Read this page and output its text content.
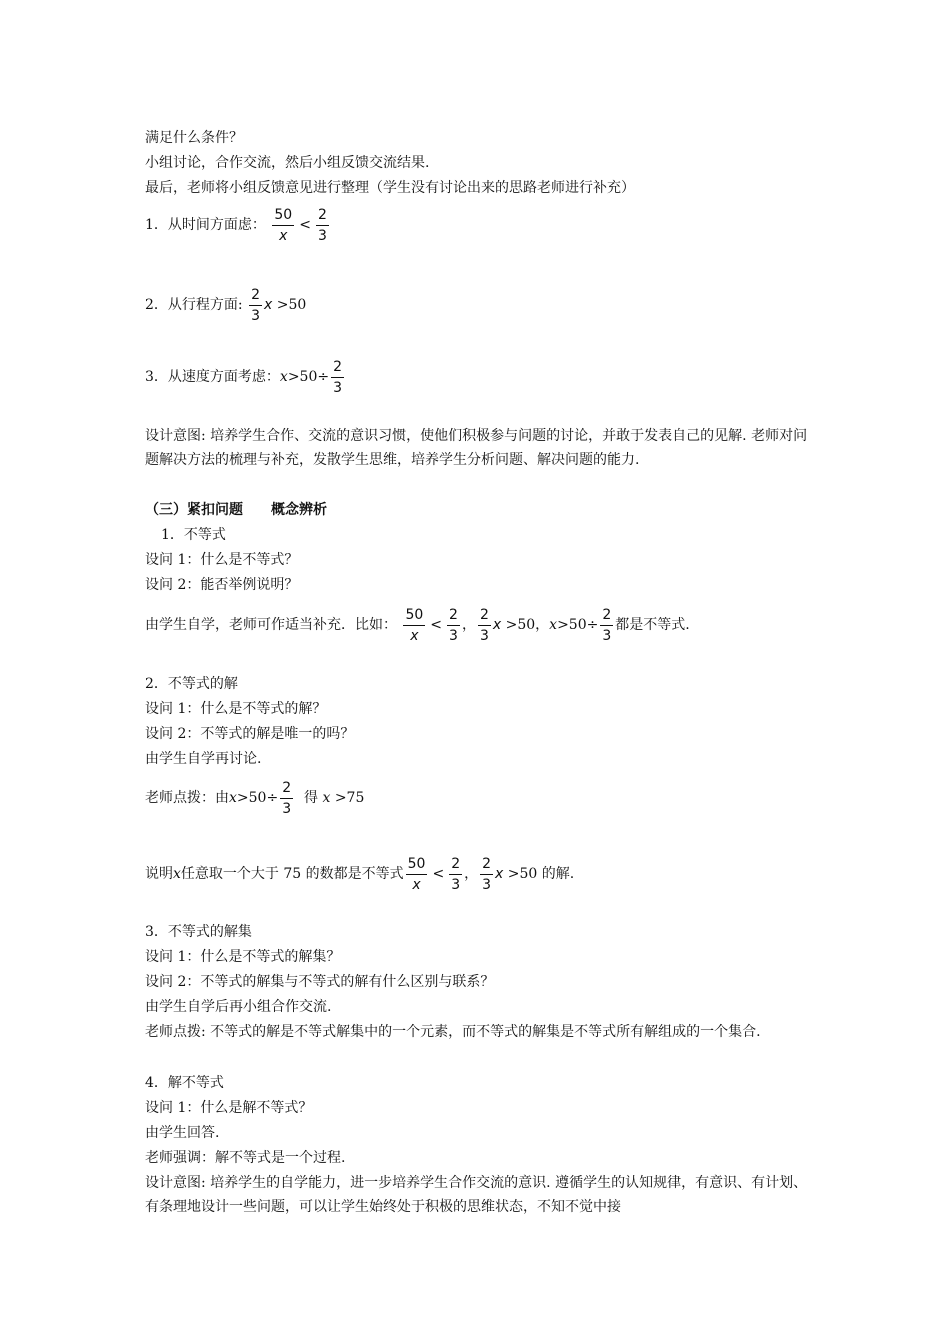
满足什么条件？
小组讨论，合作交流，然后小组反馈交流结果.
最后，老师将小组反馈意见进行整理（学生没有讨论出来的思路老师进行补充）
1．从时间方面虑： $\frac{50}{x} < \frac{2}{3}$
2．从行程方面: $\frac{2}{3}$ x >50
3．从速度方面考虑：$x>50\div \frac{2}{3}$
设计意图: 培养学生合作、交流的意识习惯，使他们积极参与问题的讨论，并敢于发表自己的见解. 老师对问题解决方法的梳理与补充，发散学生思维，培养学生分析问题、解决问题的能力.
（三）紧扣问题　　概念辨析
1．不等式
设问 1：什么是不等式？
设问 2：能否举例说明？
由学生自学，老师可作适当补充．比如： $\frac{50}{x} < \frac{2}{3}$ ， $\frac{2}{3}$ x >50，$x>50\div \frac{2}{3}$ 都是不等式.
2．不等式的解
设问 1：什么是不等式的解？
设问 2：不等式的解是唯一的吗？
由学生自学再讨论.
老师点拨：由$x>50\div \frac{2}{3}$ 得 x >75
说明x任意取一个大于 75 的数都是不等式 $\frac{50}{x} < \frac{2}{3}$ ， $\frac{2}{3}$ x >50 的解.
3．不等式的解集
设问 1：什么是不等式的解集？
设问 2：不等式的解集与不等式的解有什么区别与联系？
由学生自学后再小组合作交流.
老师点拨: 不等式的解是不等式解集中的一个元素，而不等式的解集是不等式所有解组成的一个集合.
4．解不等式
设问 1：什么是解不等式？
由学生回答.
老师强调：解不等式是一个过程.
设计意图: 培养学生的自学能力，进一步培养学生合作交流的意识. 遵循学生的认知规律，有意识、有计划、有条理地设计一些问题，可以让学生始终处于积极的思维状态，不知不觉中接
